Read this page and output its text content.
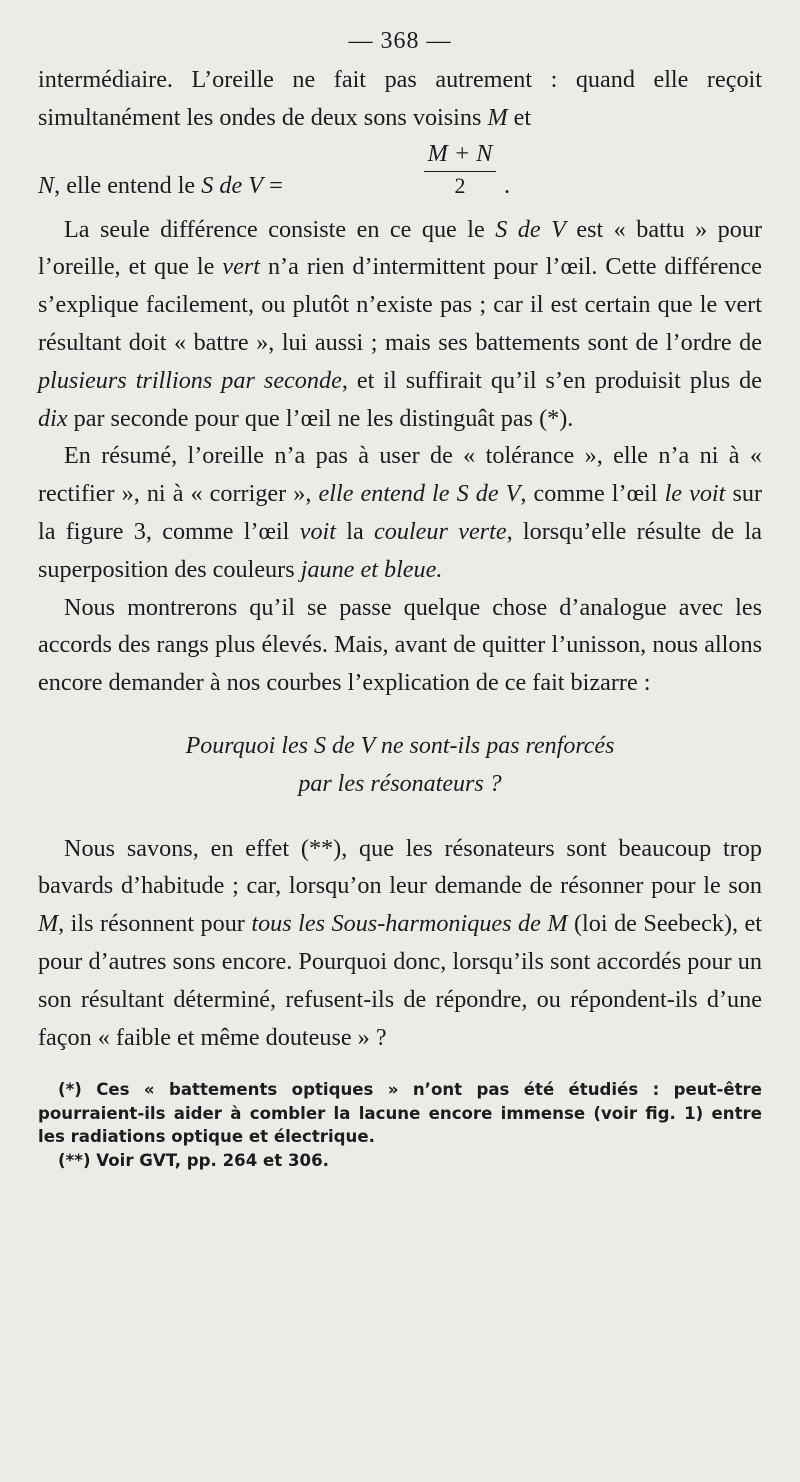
— 368 —

intermédiaire. L’oreille ne fait pas autrement : quand elle reçoit simultanément les ondes de deux sons voisins M et

N, elle entend le S de V =
M + N
2	.

La seule différence consiste en ce que le S de V est « battu » pour l’oreille, et que le vert n’a rien d’intermittent pour l’œil. Cette différence s’explique facilement, ou plutôt n’existe pas ; car il est certain que le vert résultant doit « battre », lui aussi ; mais ses battements sont de l’ordre de plusieurs trillions par seconde, et il suffirait qu’il s’en produisit plus de dix par seconde pour que l’œil ne les distinguât pas (*).

En résumé, l’oreille n’a pas à user de « tolérance », elle n’a ni à « rectifier », ni à « corriger », elle entend le S de V, comme l’œil le voit sur la figure 3, comme l’œil voit la couleur verte, lorsqu’elle résulte de la superposition des couleurs jaune et bleue.

Nous montrerons qu’il se passe quelque chose d’analogue avec les accords des rangs plus élevés. Mais, avant de quitter l’unisson, nous allons encore demander à nos courbes l’explication de ce fait bizarre :

Pourquoi les S de V ne sont-ils pas renforcés
par les résonateurs ?

Nous savons, en effet (**), que les résonateurs sont beaucoup trop bavards d’habitude ; car, lorsqu’on leur demande de résonner pour le son M, ils résonnent pour tous les Sous-harmoniques de M (loi de Seebeck), et pour d’autres sons encore. Pourquoi donc, lorsqu’ils sont accordés pour un son résultant déterminé, refusent-ils de répondre, ou répondent-ils d’une façon « faible et même douteuse » ?

(*) Ces « battements optiques » n’ont pas été étudiés : peut-être pourraient-ils aider à combler la lacune encore immense (voir fig. 1) entre les radiations optique et électrique.

(**) Voir GVT, pp. 264 et 306.
